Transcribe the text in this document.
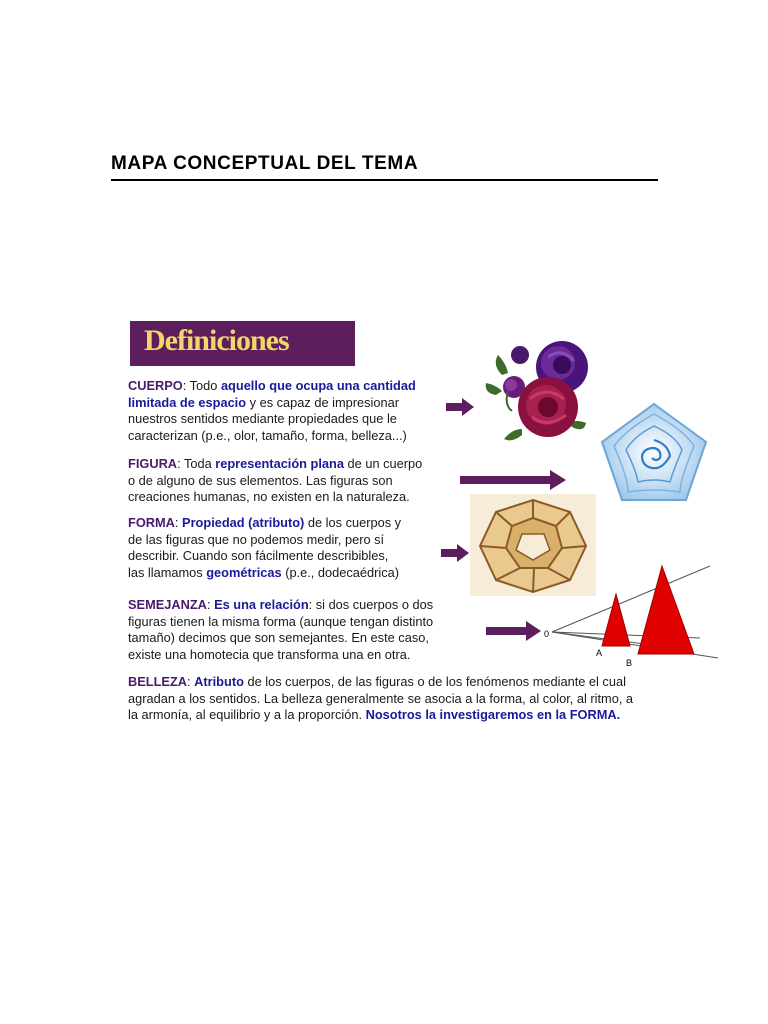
MAPA CONCEPTUAL DEL TEMA
Definiciones
CUERPO: Todo aquello que ocupa una cantidad
limitada de espacio y es capaz de impresionar
nuestros sentidos mediante propiedades que le
caracterizan (p.e., olor, tamaño, forma, belleza...)
FIGURA: Toda representación plana de un cuerpo
o de alguno de sus elementos. Las figuras son
creaciones humanas, no existen en la naturaleza.
FORMA: Propiedad (atributo) de los cuerpos y
de las figuras que no podemos medir, pero sí
describir. Cuando son fácilmente describibles,
las llamamos geométricas (p.e., dodecaédrica)
SEMEJANZA: Es una relación: si dos cuerpos o dos
figuras tienen la misma forma (aunque tengan distinto
tamaño) decimos que son semejantes. En este caso,
existe una homotecia que transforma una en otra.
BELLEZA: Atributo de los cuerpos, de las figuras o de los fenómenos mediante el cual
agradan a los sentidos. La belleza generalmente se asocia a la forma, al color, al ritmo, a
la armonía, al equilibrio y a la proporción. Nosotros la investigaremos en la FORMA.
0
A
B
